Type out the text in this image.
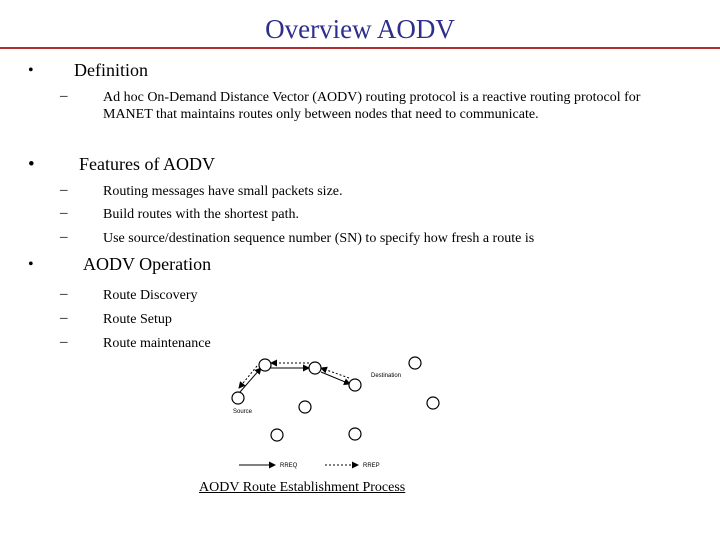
Overview AODV
• Definition
–	Ad hoc On-Demand Distance Vector (AODV) routing protocol is a reactive routing protocol for MANET that maintains routes only between nodes that need to communicate.
• Features of AODV
–	Routing messages have small packets size.
–	Build routes with the shortest path.
–	Use source/destination sequence number (SN) to specify how fresh a route is
•	AODV Operation
–	Route Discovery
–	Route Setup
–	Route maintenance
Source
Destination
RREQ	RREP
AODV Route Establishment Process
